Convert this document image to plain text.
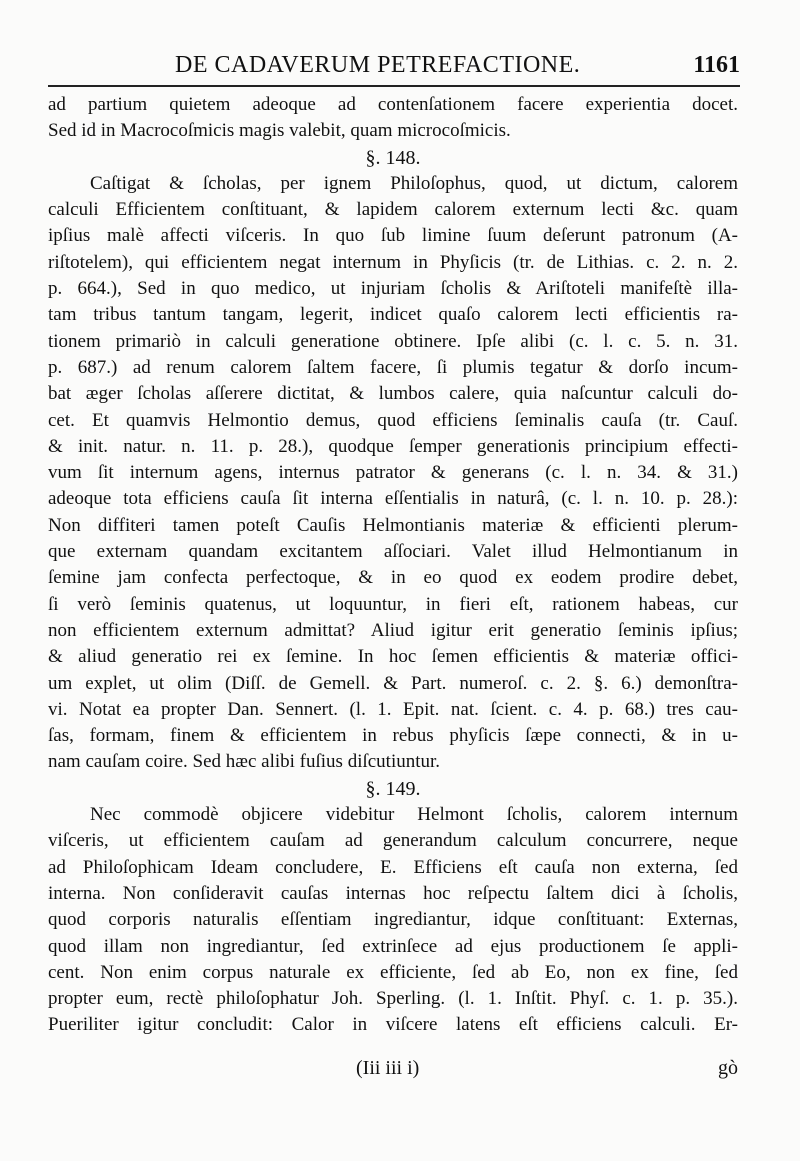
DE CADAVERUM PETREFACTIONE.	1161
ad partium quietem adeoque ad contenſationem facere experientia docet.
Sed id in Macrocoſmicis magis valebit, quam microcoſmicis.
§. 148.
Caſtigat & ſcholas, per ignem Philoſophus, quod, ut dictum, calorem
calculi Efficientem conſtituant, & lapidem calorem externum lecti &c. quam
ipſius malè affecti viſceris. In quo ſub limine ſuum deſerunt patronum (A-
riſtotelem), qui efficientem negat internum in Phyſicis (tr. de Lithias. c. 2. n. 2.
p. 664.), Sed in quo medico, ut injuriam ſcholis & Ariſtoteli manifeſtè illa-
tam tribus tantum tangam, legerit, indicet quaſo calorem lecti efficientis ra-
tionem primariò in calculi generatione obtinere. Ipſe alibi (c. l. c. 5. n. 31.
p. 687.) ad renum calorem ſaltem facere, ſi plumis tegatur & dorſo incum-
bat æger ſcholas aſſerere dictitat, & lumbos calere, quia naſcuntur calculi do-
cet. Et quamvis Helmontio demus, quod efficiens ſeminalis cauſa (tr. Cauſ.
& init. natur. n. 11. p. 28.), quodque ſemper generationis principium effecti-
vum ſit internum agens, internus patrator & generans (c. l. n. 34. & 31.)
adeoque tota efficiens cauſa ſit interna eſſentialis in naturâ, (c. l. n. 10. p. 28.):
Non diffiteri tamen poteſt Cauſis Helmontianis materiæ & efficienti plerum-
que externam quandam excitantem aſſociari. Valet illud Helmontianum in
ſemine jam confecta perfectoque, & in eo quod ex eodem prodire debet,
ſi verò ſeminis quatenus, ut loquuntur, in fieri eſt, rationem habeas, cur
non efficientem externum admittat? Aliud igitur erit generatio ſeminis ipſius;
& aliud generatio rei ex ſemine. In hoc ſemen efficientis & materiæ offici-
um explet, ut olim (Diſſ. de Gemell. & Part. numeroſ. c. 2. §. 6.) demonſtra-
vi. Notat ea propter Dan. Sennert. (l. 1. Epit. nat. ſcient. c. 4. p. 68.) tres cau-
ſas, formam, finem & efficientem in rebus phyſicis ſæpe connecti, & in u-
nam cauſam coire. Sed hæc alibi fuſius diſcutiuntur.
§. 149.
Nec commodè objicere videbitur Helmont ſcholis, calorem internum
viſceris, ut efficientem cauſam ad generandum calculum concurrere, neque
ad Philoſophicam Ideam concludere, E. Efficiens eſt cauſa non externa, ſed
interna. Non conſideravit cauſas internas hoc reſpectu ſaltem dici à ſcholis,
quod corporis naturalis eſſentiam ingrediantur, idque conſtituant: Externas,
quod illam non ingrediantur, ſed extrinſece ad ejus productionem ſe appli-
cent. Non enim corpus naturale ex efficiente, ſed ab Eo, non ex fine, ſed
propter eum, rectè philoſophatur Joh. Sperling. (l. 1. Inſtit. Phyſ. c. 1. p. 35.).
Pueriliter igitur concludit: Calor in viſcere latens eſt efficiens calculi. Er-
(Iii iii i)	gò
